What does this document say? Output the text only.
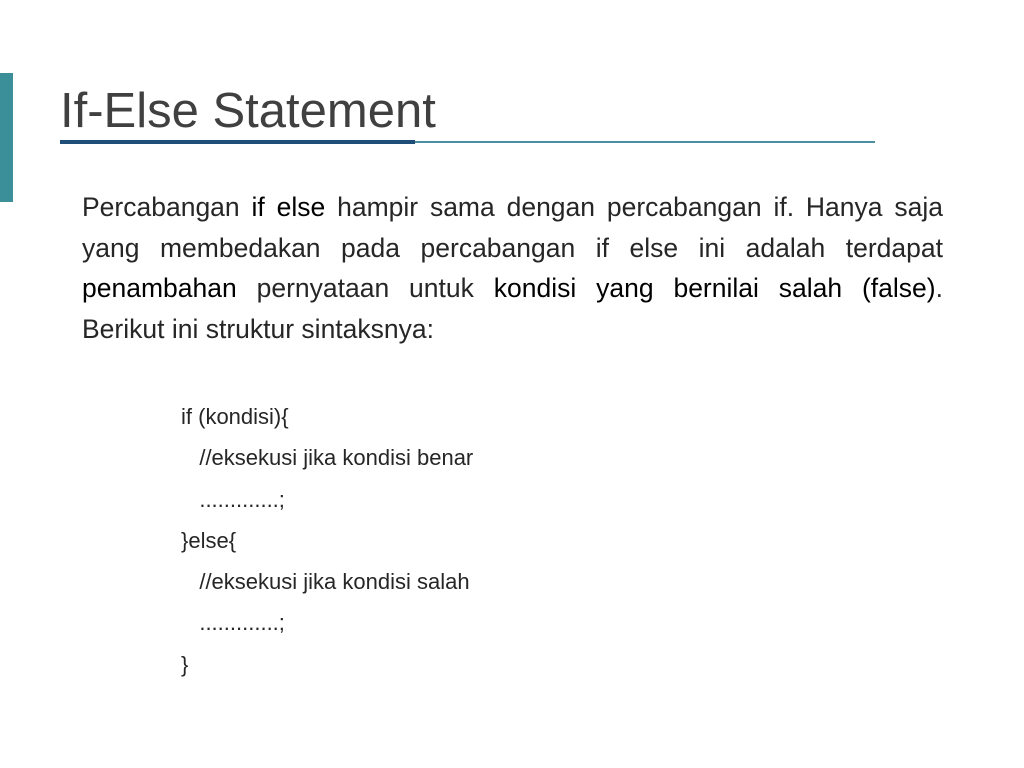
If-Else Statement

Percabangan if else hampir sama dengan percabangan if. Hanya saja yang membedakan pada percabangan if else ini adalah terdapat penambahan pernyataan untuk kondisi yang bernilai salah (false). Berikut ini struktur sintaksnya:

if (kondisi){
//eksekusi jika kondisi benar
.............;
}else{
//eksekusi jika kondisi salah
.............;
}
